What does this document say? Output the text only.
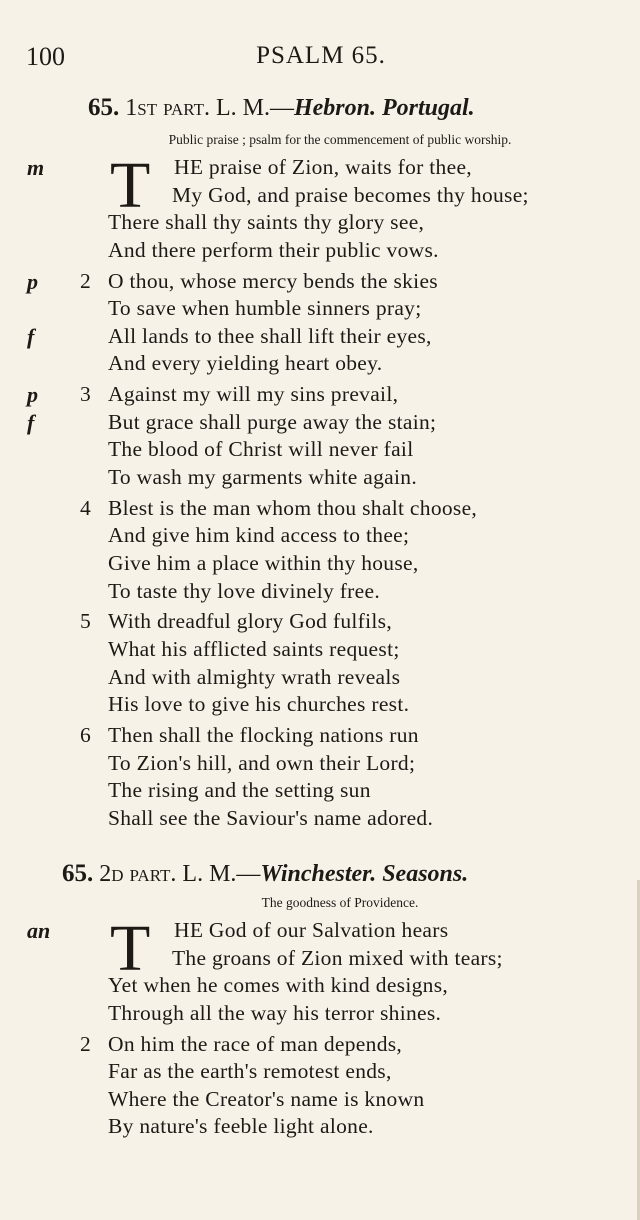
100	PSALM 65.
65. 1st part. L. M.—Hebron. Portugal.
Public praise ; psalm for the commencement of public worship.
m T HE praise of Zion, waits for thee,
My God, and praise becomes thy house;
There shall thy saints thy glory see,
And there perform their public vows.
p 2 O thou, whose mercy bends the skies
To save when humble sinners pray;
f	All lands to thee shall lift their eyes,
And every yielding heart obey.
p 3 Against my will my sins prevail,
f	But grace shall purge away the stain;
The blood of Christ will never fail
To wash my garments white again.
4 Blest is the man whom thou shalt choose,
And give him kind access to thee;
Give him a place within thy house,
To taste thy love divinely free.
5 With dreadful glory God fulfils,
What his afflicted saints request;
And with almighty wrath reveals
His love to give his churches rest.
6 Then shall the flocking nations run
To Zion's hill, and own their Lord;
The rising and the setting sun
Shall see the Saviour's name adored.
65. 2d part. L. M.—Winchester. Seasons.
The goodness of Providence.
an T HE God of our Salvation hears
The groans of Zion mixed with tears;
Yet when he comes with kind designs,
Through all the way his terror shines.
2 On him the race of man depends,
Far as the earth's remotest ends,
Where the Creator's name is known
By nature's feeble light alone.
